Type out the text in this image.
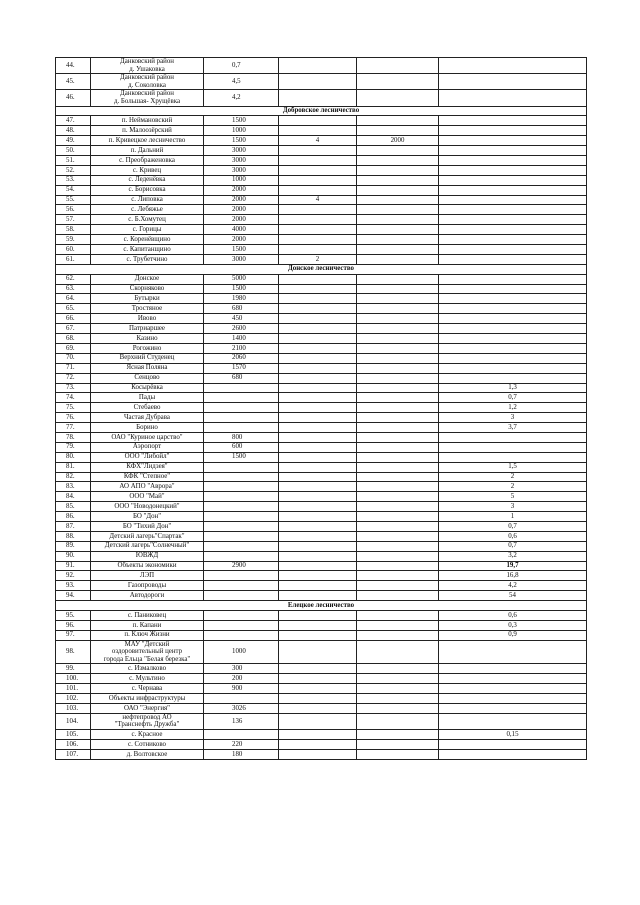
44.	Данковский район
д. Ушаковка	0,7			
45.	Данковский район
д. Соколовка	4,5			
46.	Данковский район
д. Большая- Хрущёвка	4,2			
Добровское лесничество					
47.	п. Неймановский	1500			
48.	п. Малоозёрский	1000			
49.	п. Кривецкое лесничество	1500	4	2000	
50.	п. Дальний	3000			
51.	с. Преображеновка	3000			
52.	с. Кривец	3000			
53.	с. Леденёвка	1000			
54.	с. Борисовка	2000			
55.	с. Липовка	2000	4		
56.	с. Лебяжье	2000			
57.	с. Б.Хомутец	2000			
58.	с. Горицы	4000			
59.	с. Коренёвщино	2000			
60.	с. Капитанщино	1500			
61.	с. Трубетчино	3000	2		
Донское лесничество					
62.	Донское	5000			
63.	Скорняково	1500			
64.	Бутырки	1980			
65.	Тростяное	680			
66.	Ивово	450			
67.	Патриаршее	2600			
68.	Казино	1400			
69.	Рогожино	2100			
70.	Верхний Студенец	2060			
71.	Ясная Поляна	1570			
72.	Сенцово	680			
73.	Косырёвка				1,3
74.	Пады				0,7
75.	Стебаево				1,2
76.	Частая Дубрава				3
77.	Борино				3,7
78.	ОАО "Куриное царство"	800			
79.	Аэропорт	600			
80.	ООО "Либойл"	1500			
81.	КФХ"Лидзея"				1,5
82.	КФК "Степное"				2
83.	АО АПО "Аврора"				2
84.	ООО "Май"				5
85.	ООО "Новодонецкий"				3
86.	БО "Дон"				1
87.	БО "Тихий Дон"				0,7
88.	Детский лагерь"Спартак"				0,6
89.	Детский лагерь"Солнечный"				0,7
90.	ЮВЖД				3,2
91.	Объекты экономики	2900			19,7
92.	ЛЭП				16,8
93.	Газопроводы				4,2
94.	Автодороги				54
Елецкое лесничество					
95.	с. Паниковец				0,6
96.	п. Капани				0,3
97.	п. Ключ Жизни				0,9
98.	МАУ "Детский
оздоровительный центр
города Ельца "Белая березка"	1000			
99.	с. Измалково	300			
100.	с. Мультино	200			
101.	с. Чернава	900			
102.	Объекты инфраструктуры				
103.	ОАО "Энергия"	3026			
104.	нефтепровод АО
"Транснефть Дружба"	136			
105.	с. Красное				0,15
106.	с. Сотниково	220			
107.	д. Волтовское	180			
